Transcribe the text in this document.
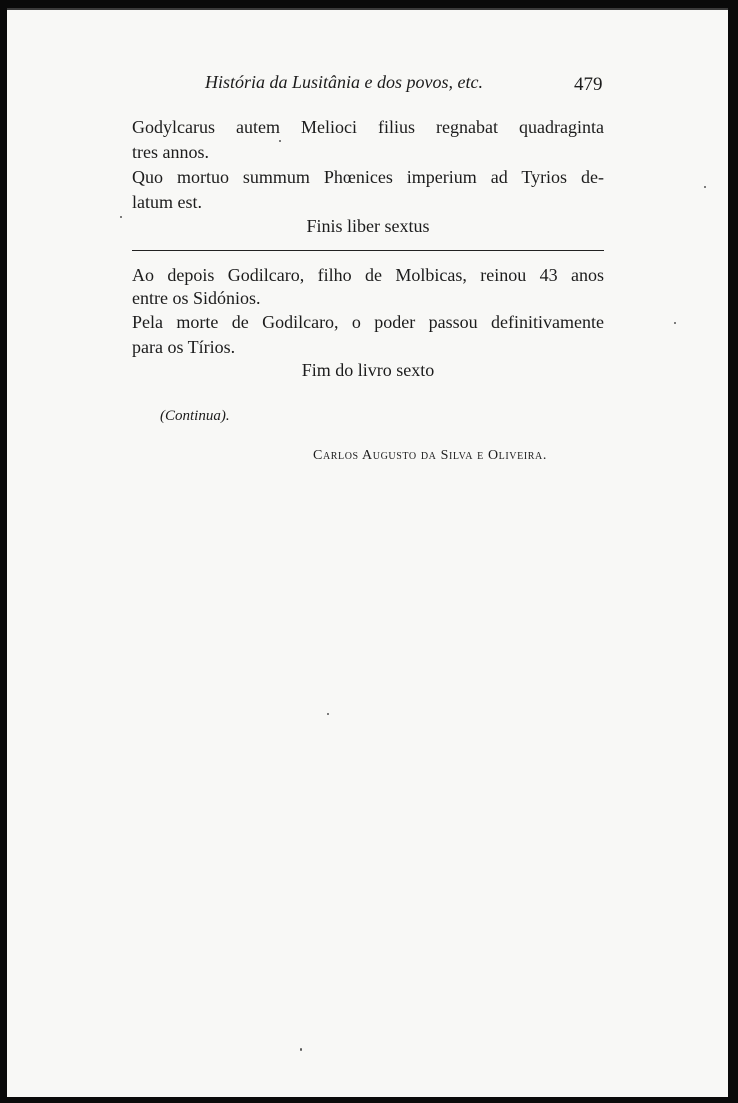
História da Lusitânia e dos povos, etc.	479
Godylcarus autem Melioci filius regnabat quadraginta
tres annos.
Quo mortuo summum Phœnices imperium ad Tyrios de-
latum est.
Finis liber sextus
Ao depois Godilcaro, filho de Molbicas, reinou 43 anos
entre os Sidónios.
Pela morte de Godilcaro, o poder passou definitivamente
para os Tírios.
Fim do livro sexto
(Continua).
Carlos Augusto da Silva e Oliveira.
